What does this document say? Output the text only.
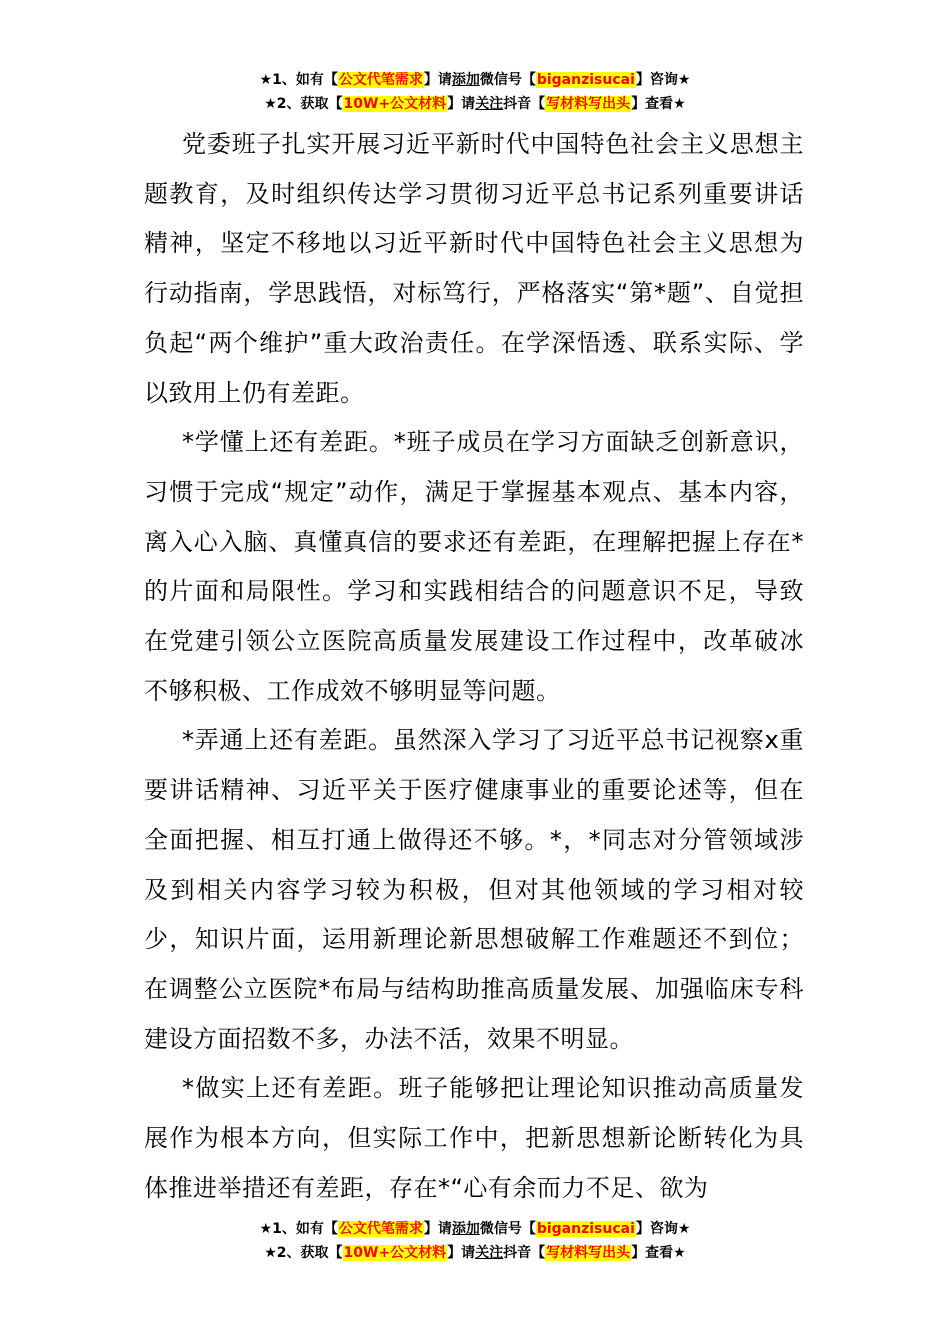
★1、如有【公文代笔需求】请添加微信号【biganzisucai】咨询★
★2、获取【10W+公文材料】请关注抖音【写材料写出头】查看★

党委班子扎实开展习近平新时代中国特色社会主义思想主题教育，及时组织传达学习贯彻习近平总书记系列重要讲话精神，坚定不移地以习近平新时代中国特色社会主义思想为行动指南，学思践悟，对标笃行，严格落实“第*题”、自觉担负起“两个维护”重大政治责任。在学深悟透、联系实际、学以致用上仍有差距。

*学懂上还有差距。*班子成员在学习方面缺乏创新意识，习惯于完成“规定”动作，满足于掌握基本观点、基本内容，离入心入脑、真懂真信的要求还有差距，在理解把握上存在*的片面和局限性。学习和实践相结合的问题意识不足，导致在党建引领公立医院高质量发展建设工作过程中，改革破冰不够积极、工作成效不够明显等问题。

*弄通上还有差距。虽然深入学习了习近平总书记视察x重要讲话精神、习近平关于医疗健康事业的重要论述等，但在全面把握、相互打通上做得还不够。*，*同志对分管领域涉及到相关内容学习较为积极，但对其他领域的学习相对较少，知识片面，运用新理论新思想破解工作难题还不到位；在调整公立医院*布局与结构助推高质量发展、加强临床专科建设方面招数不多，办法不活，效果不明显。

*做实上还有差距。班子能够把让理论知识推动高质量发展作为根本方向，但实际工作中，把新思想新论断转化为具体推进举措还有差距，存在*“心有余而力不足、欲为

★1、如有【公文代笔需求】请添加微信号【biganzisucai】咨询★
★2、获取【10W+公文材料】请关注抖音【写材料写出头】查看★
